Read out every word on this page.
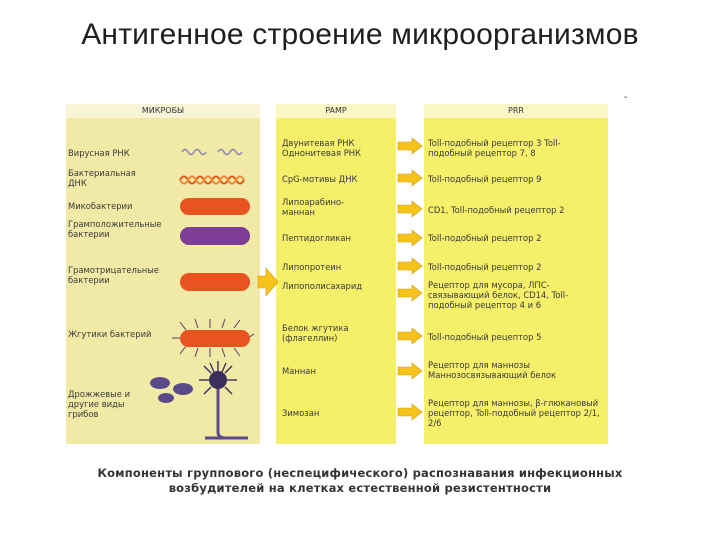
Антигенное строение микроорганизмов
-
МИКРОБЫ	PAMP	PRR
Вирусная РНК
Бактериальная ДНК
Микобактерии
Грамположительные бактерии
Грамотрицательные бактерии
Жгутики бактерий
Дрожжевые и другие виды грибов
Двунитевая РНК Однонитевая РНК
CpG-мотивы ДНК
Липоарабино-маннан
Пептидогликан
Липопротеин
Липополисахарид
Белок жгутика (флагеллин)
Маннан
Зимозан
Toll-подобный рецептор 3 Toll-подобный рецептор 7, 8
Toll-подобный рецептор 9
CD1, Toll-подобный рецептор 2
Toll-подобный рецептор 2
Toll-подобный рецептор 2
Рецептор для мусора, ЛПС-связывающий белок, CD14, Toll-подобный рецептор 4 и 6
Toll-подобный рецептор 5
Рецептор для маннозы Маннозосвязывающий белок
Рецептор для маннозы, β-глюкановый рецептор, Toll-подобный рецептор 2/1, 2/6
Компоненты группового (неспецифического) распознавания инфекционных возбудителей на клетках естественной резистентности
